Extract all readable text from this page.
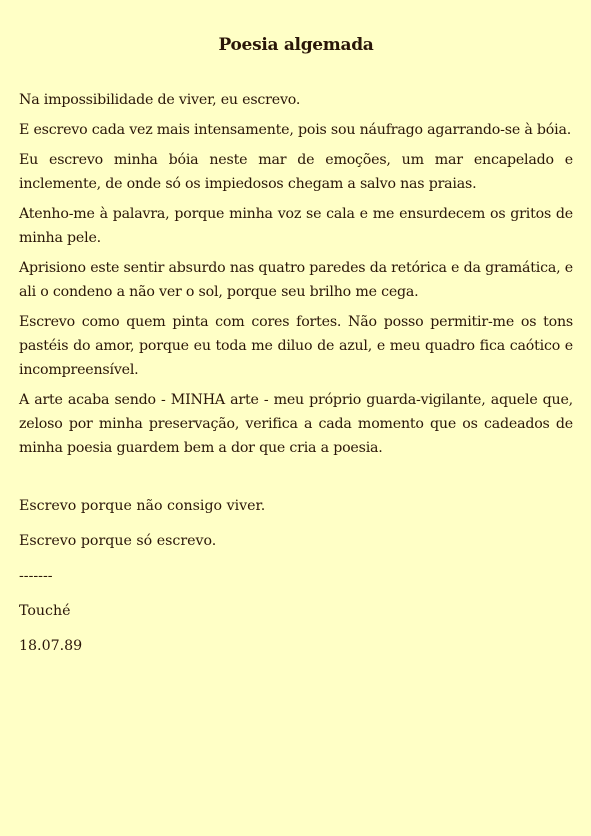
Poesia algemada

Na impossibilidade de viver, eu escrevo.

E escrevo cada vez mais intensamente, pois sou náufrago agarrando-se à bóia.

Eu escrevo minha bóia neste mar de emoções, um mar encapelado e inclemente, de onde só os impiedosos chegam a salvo nas praias.

Atenho-me à palavra, porque minha voz se cala e me ensurdecem os gritos de minha pele.

Aprisiono este sentir absurdo nas quatro paredes da retórica e da gramática, e ali o condeno a não ver o sol, porque seu brilho me cega.

Escrevo como quem pinta com cores fortes. Não posso permitir-me os tons pastéis do amor, porque eu toda me diluo de azul, e meu quadro fica caótico e incompreensível.

A arte acaba sendo - MINHA arte - meu próprio guarda-vigilante, aquele que, zeloso por minha preservação, verifica a cada momento que os cadeados de minha poesia guardem bem a dor que cria a poesia.

Escrevo porque não consigo viver.

Escrevo porque só escrevo.

-------

Touché

18.07.89
